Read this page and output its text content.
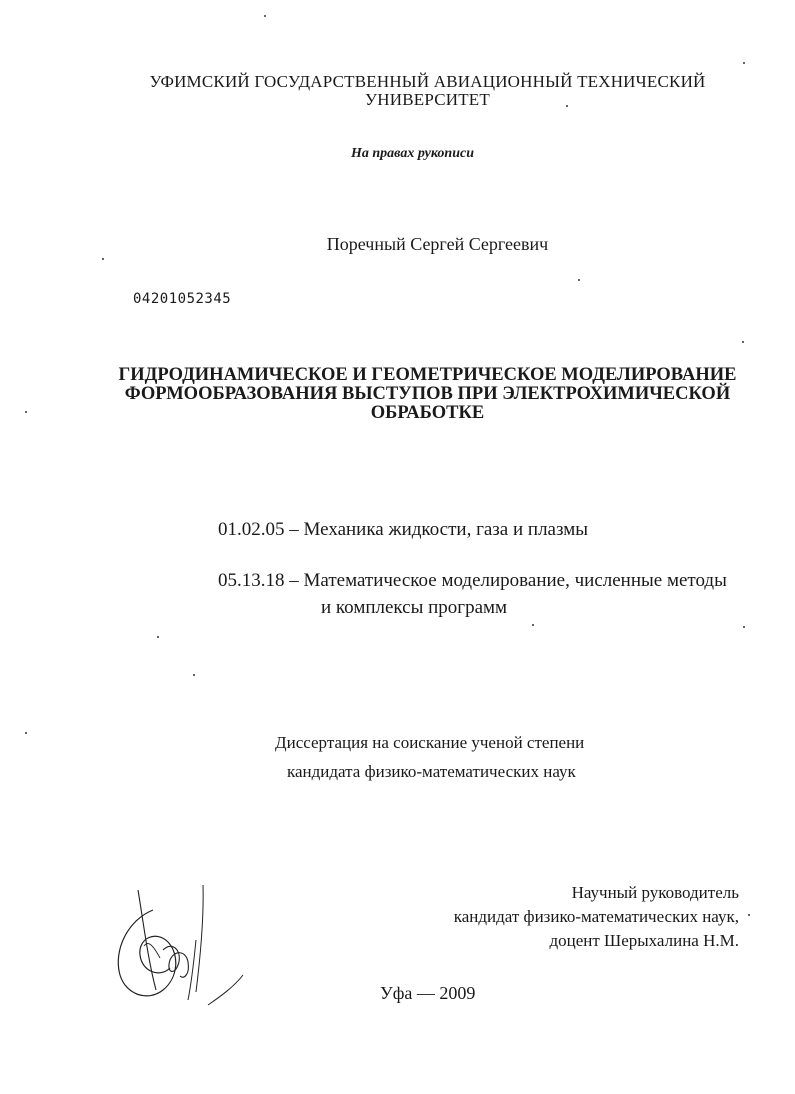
УФИМСКИЙ ГОСУДАРСТВЕННЫЙ АВИАЦИОННЫЙ ТЕХНИЧЕСКИЙ
УНИВЕРСИТЕТ
На правах рукописи
Поречный Сергей Сергеевич
04201052345
ГИДРОДИНАМИЧЕСКОЕ И ГЕОМЕТРИЧЕСКОЕ МОДЕЛИРОВАНИЕ
ФОРМООБРАЗОВАНИЯ ВЫСТУПОВ ПРИ ЭЛЕКТРОХИМИЧЕСКОЙ
ОБРАБОТКЕ
01.02.05 – Механика жидкости, газа и плазмы
05.13.18 – Математическое моделирование, численные методы
и комплексы программ
Диссертация на соискание ученой степени
кандидата физико-математических наук
Научный руководитель
кандидат физико-математических наук,
доцент Шерыхалина Н.М.
Уфа — 2009
